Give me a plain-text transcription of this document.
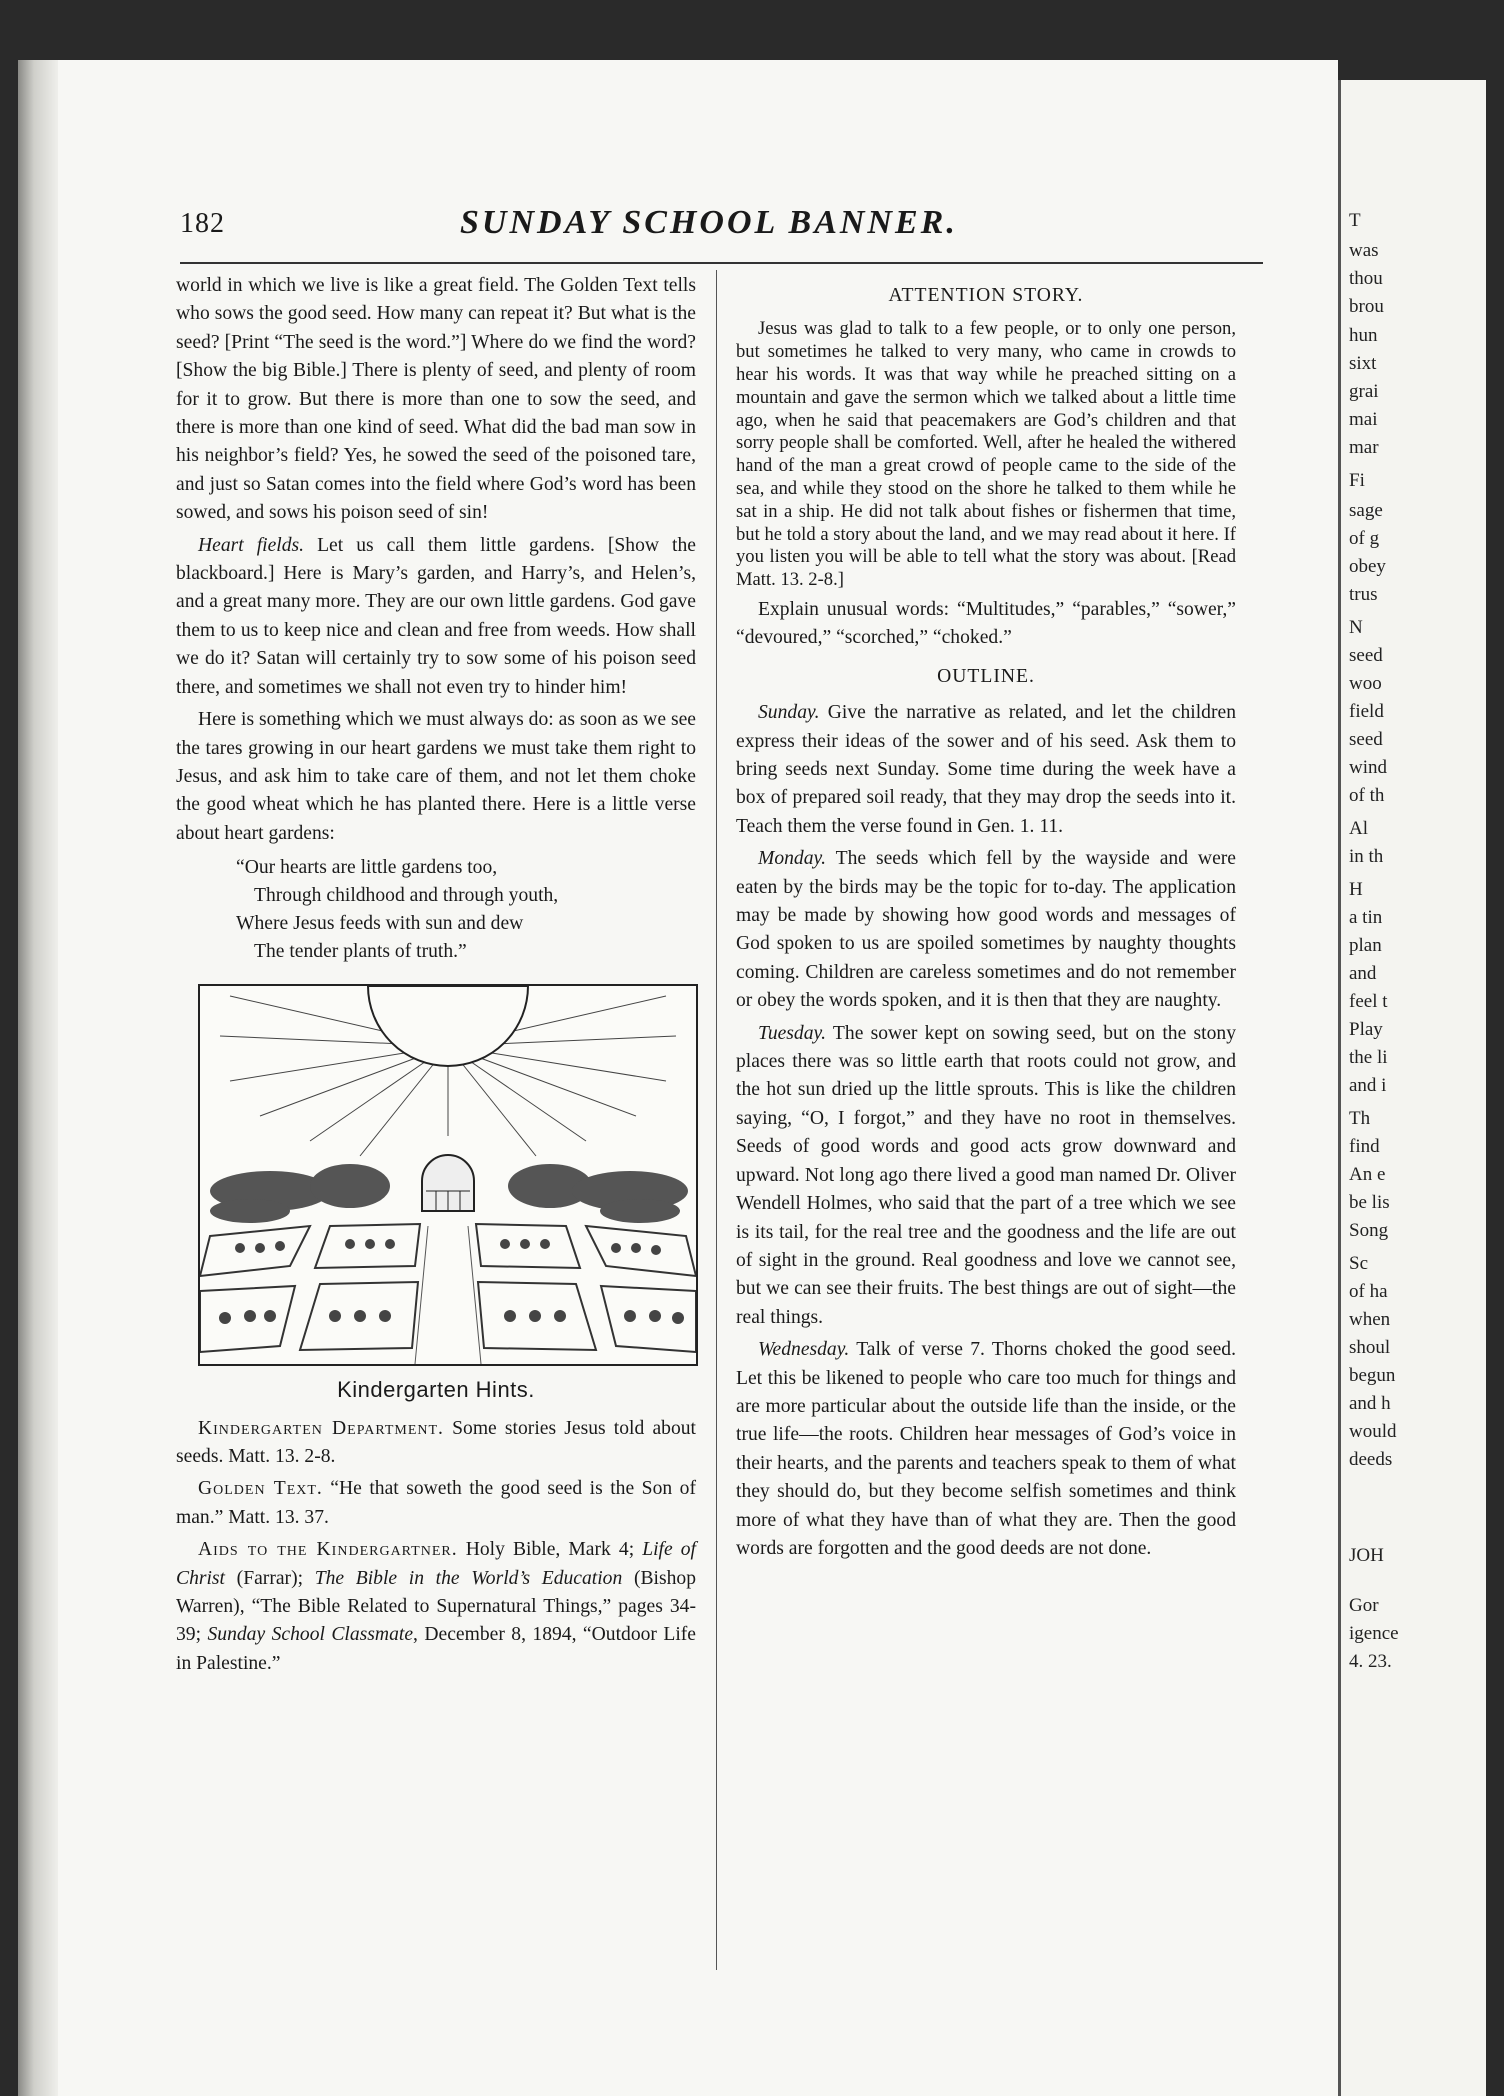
T
was
thou
brou
hun
sixt
grai
mai
mar
Fi
sage
of g
obey
trus
N
seed
woo
field
seed
wind
of th
Al
in th
H
a tin
plan
and
feel t
Play
the li
and i
Th
find
An e
be lis
Song
Sc
of ha
when
shoul
begun
and h
would
deeds
JOH
Gor
igence
4. 23.
182	SUNDAY SCHOOL BANNER.

world in which we live is like a great field. The Golden Text tells who sows the good seed. How many can repeat it? But what is the seed? [Print “The seed is the word.”] Where do we find the word? [Show the big Bible.] There is plenty of seed, and plenty of room for it to grow. But there is more than one to sow the seed, and there is more than one kind of seed. What did the bad man sow in his neighbor’s field? Yes, he sowed the seed of the poisoned tare, and just so Satan comes into the field where God’s word has been sowed, and sows his poison seed of sin!

Heart fields. Let us call them little gardens. [Show the blackboard.] Here is Mary’s garden, and Harry’s, and Helen’s, and a great many more. They are our own little gardens. God gave them to us to keep nice and clean and free from weeds. How shall we do it? Satan will certainly try to sow some of his poison seed there, and sometimes we shall not even try to hinder him!

Here is something which we must always do: as soon as we see the tares growing in our heart gardens we must take them right to Jesus, and ask him to take care of them, and not let them choke the good wheat which he has planted there. Here is a little verse about heart gardens:

“Our hearts are little gardens too,
Through childhood and through youth,
Where Jesus feeds with sun and dew
The tender plants of truth.”
Kindergarten Hints.

Kindergarten Department. Some stories Jesus told about seeds. Matt. 13. 2-8.

Golden Text. “He that soweth the good seed is the Son of man.” Matt. 13. 37.

Aids to the Kindergartner. Holy Bible, Mark 4; Life of Christ (Farrar); The Bible in the World’s Education (Bishop Warren), “The Bible Related to Supernatural Things,” pages 34-39; Sunday School Classmate, December 8, 1894, “Outdoor Life in Palestine.”

ATTENTION STORY.

Jesus was glad to talk to a few people, or to only one person, but sometimes he talked to very many, who came in crowds to hear his words. It was that way while he preached sitting on a mountain and gave the sermon which we talked about a little time ago, when he said that peacemakers are God’s children and that sorry people shall be comforted. Well, after he healed the withered hand of the man a great crowd of people came to the side of the sea, and while they stood on the shore he talked to them while he sat in a ship. He did not talk about fishes or fishermen that time, but he told a story about the land, and we may read about it here. If you listen you will be able to tell what the story was about. [Read Matt. 13. 2-8.]

Explain unusual words: “Multitudes,” “parables,” “sower,” “devoured,” “scorched,” “choked.”

OUTLINE.

Sunday. Give the narrative as related, and let the children express their ideas of the sower and of his seed. Ask them to bring seeds next Sunday. Some time during the week have a box of prepared soil ready, that they may drop the seeds into it. Teach them the verse found in Gen. 1. 11.

Monday. The seeds which fell by the wayside and were eaten by the birds may be the topic for to-day. The application may be made by showing how good words and messages of God spoken to us are spoiled sometimes by naughty thoughts coming. Children are careless sometimes and do not remember or obey the words spoken, and it is then that they are naughty.

Tuesday. The sower kept on sowing seed, but on the stony places there was so little earth that roots could not grow, and the hot sun dried up the little sprouts. This is like the children saying, “O, I forgot,” and they have no root in themselves. Seeds of good words and good acts grow downward and upward. Not long ago there lived a good man named Dr. Oliver Wendell Holmes, who said that the part of a tree which we see is its tail, for the real tree and the goodness and the life are out of sight in the ground. Real goodness and love we cannot see, but we can see their fruits. The best things are out of sight—the real things.

Wednesday. Talk of verse 7. Thorns choked the good seed. Let this be likened to people who care too much for things and are more particular about the outside life than the inside, or the true life—the roots. Children hear messages of God’s voice in their hearts, and the parents and teachers speak to them of what they should do, but they become selfish sometimes and think more of what they have than of what they are. Then the good words are forgotten and the good deeds are not done.
